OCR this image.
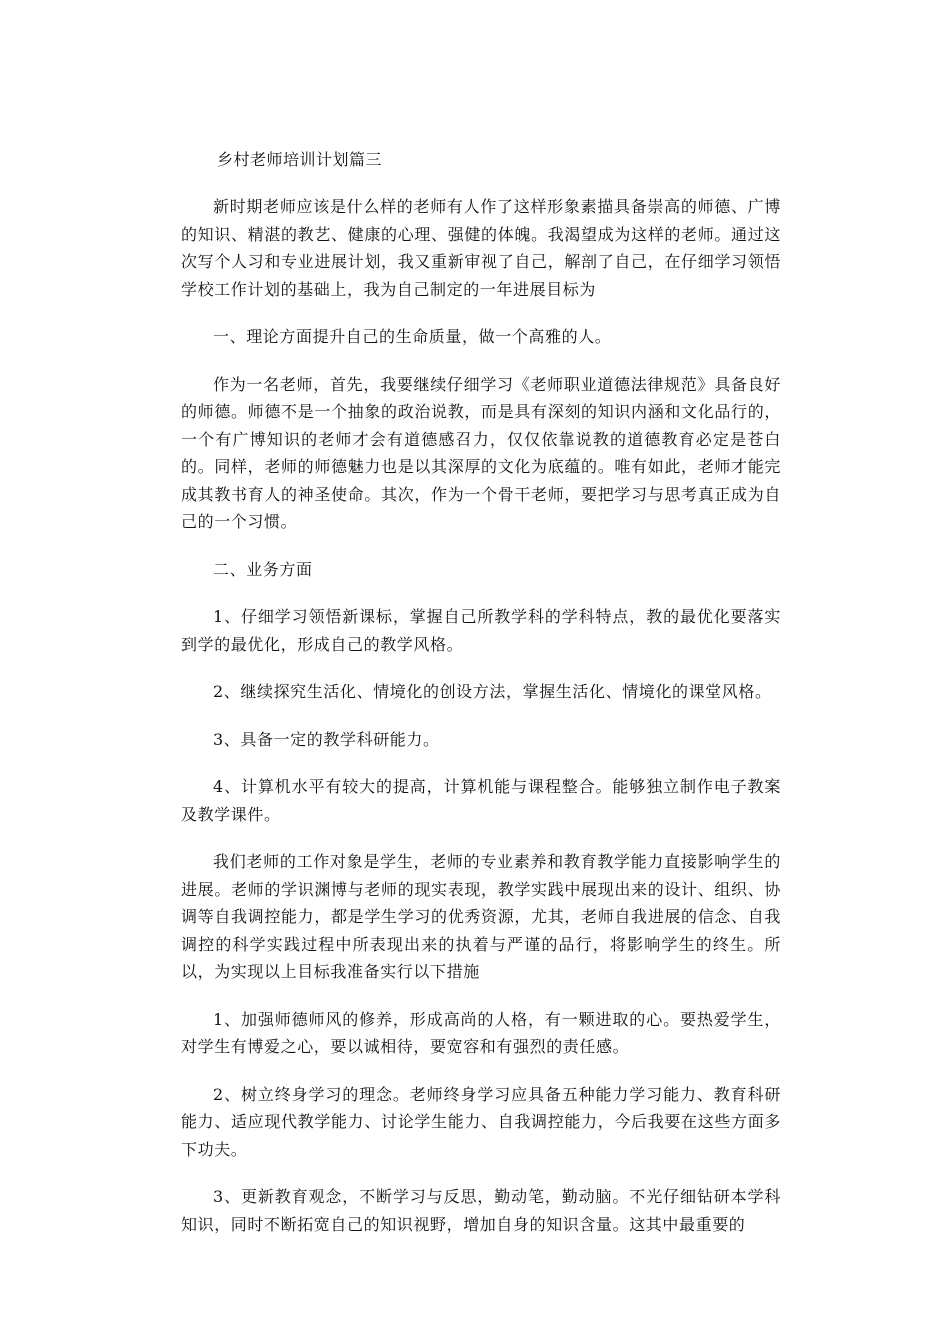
乡村老师培训计划篇三

新时期老师应该是什么样的老师有人作了这样形象素描具备崇高的师德、广博的知识、精湛的教艺、健康的心理、强健的体魄。我渴望成为这样的老师。通过这次写个人习和专业进展计划，我又重新审视了自己，解剖了自己，在仔细学习领悟学校工作计划的基础上，我为自己制定的一年进展目标为

一、理论方面提升自己的生命质量，做一个高雅的人。

作为一名老师，首先，我要继续仔细学习《老师职业道德法律规范》具备良好的师德。师德不是一个抽象的政治说教，而是具有深刻的知识内涵和文化品行的，一个有广博知识的老师才会有道德感召力，仅仅依靠说教的道德教育必定是苍白的。同样，老师的师德魅力也是以其深厚的文化为底蕴的。唯有如此，老师才能完成其教书育人的神圣使命。其次，作为一个骨干老师，要把学习与思考真正成为自己的一个习惯。

二、业务方面

1、仔细学习领悟新课标，掌握自己所教学科的学科特点，教的最优化要落实到学的最优化，形成自己的教学风格。

2、继续探究生活化、情境化的创设方法，掌握生活化、情境化的课堂风格。

3、具备一定的教学科研能力。

4、计算机水平有较大的提高，计算机能与课程整合。能够独立制作电子教案及教学课件。

我们老师的工作对象是学生，老师的专业素养和教育教学能力直接影响学生的进展。老师的学识渊博与老师的现实表现，教学实践中展现出来的设计、组织、协调等自我调控能力，都是学生学习的优秀资源，尤其，老师自我进展的信念、自我调控的科学实践过程中所表现出来的执着与严谨的品行，将影响学生的终生。所以，为实现以上目标我准备实行以下措施

1、加强师德师风的修养，形成高尚的人格，有一颗进取的心。要热爱学生，对学生有博爱之心，要以诚相待，要宽容和有强烈的责任感。

2、树立终身学习的理念。老师终身学习应具备五种能力学习能力、教育科研能力、适应现代教学能力、讨论学生能力、自我调控能力，今后我要在这些方面多下功夫。

3、更新教育观念，不断学习与反思，勤动笔，勤动脑。不光仔细钻研本学科知识，同时不断拓宽自己的知识视野，增加自身的知识含量。这其中最重要的
